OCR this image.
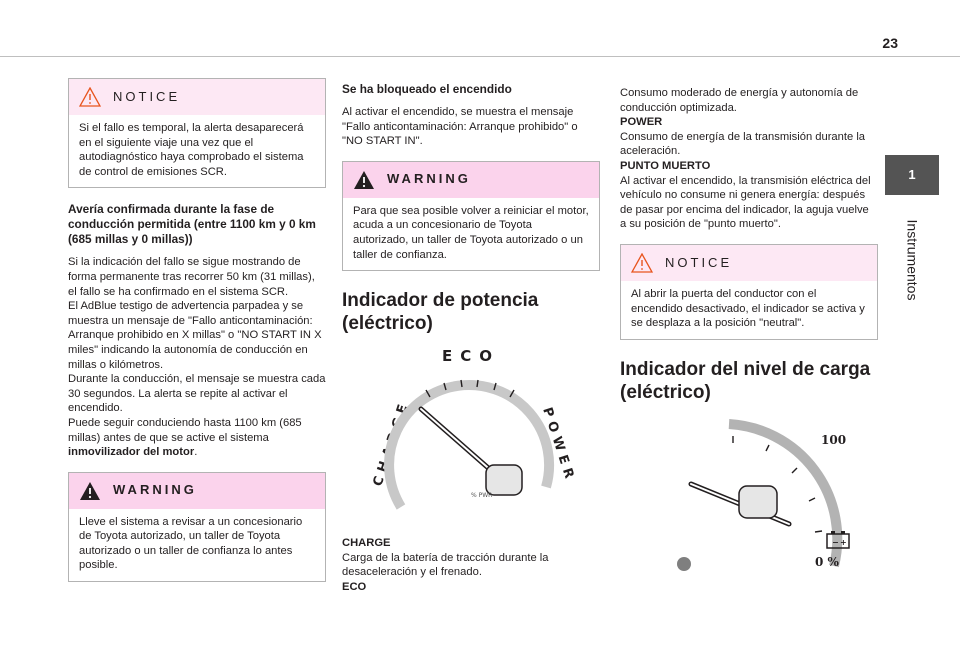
23
1
Instrumentos
NOTICE

Si el fallo es temporal, la alerta desaparecerá en el siguiente viaje una vez que el autodiagnóstico haya comprobado el sistema de control de emisiones SCR.

Avería confirmada durante la fase de conducción permitida (entre 1100 km y 0 km (685 millas y 0 millas))

Si la indicación del fallo se sigue mostrando de forma permanente tras recorrer 50 km (31 millas), el fallo se ha confirmado en el sistema SCR.

El AdBlue testigo de advertencia parpadea y se muestra un mensaje de "Fallo anticontaminación: Arranque prohibido en X millas" o "NO START IN X miles" indicando la autonomía de conducción en millas o kilómetros.

Durante la conducción, el mensaje se muestra cada 30 segundos. La alerta se repite al activar el encendido.

Puede seguir conduciendo hasta 1100 km (685 millas) antes de que se active el sistema inmovilizador del motor.

WARNING

Lleve el sistema a revisar a un concesionario de Toyota autorizado, un taller de Toyota autorizado o un taller de confianza lo antes posible.

Se ha bloqueado el encendido

Al activar el encendido, se muestra el mensaje "Fallo anticontaminación: Arranque prohibido" o "NO START IN".

WARNING

Para que sea posible volver a reiniciar el motor, acuda a un concesionario de Toyota autorizado, un taller de Toyota autorizado o un taller de confianza.

Indicador de potencia (eléctrico)

ECO
CHARGE	POWER
% PWR

CHARGE

Carga de la batería de tracción durante la desaceleración y el frenado.

ECO

Consumo moderado de energía y autonomía de conducción optimizada.

POWER

Consumo de energía de la transmisión durante la aceleración.

PUNTO MUERTO

Al activar el encendido, la transmisión eléctrica del vehículo no consume ni genera energía: después de pasar por encima del indicador, la aguja vuelve a su posición de "punto muerto".

NOTICE

Al abrir la puerta del conductor con el encendido desactivado, el indicador se activa y se desplaza a la posición "neutral".

Indicador del nivel de carga (eléctrico)

100
0 %
− +
